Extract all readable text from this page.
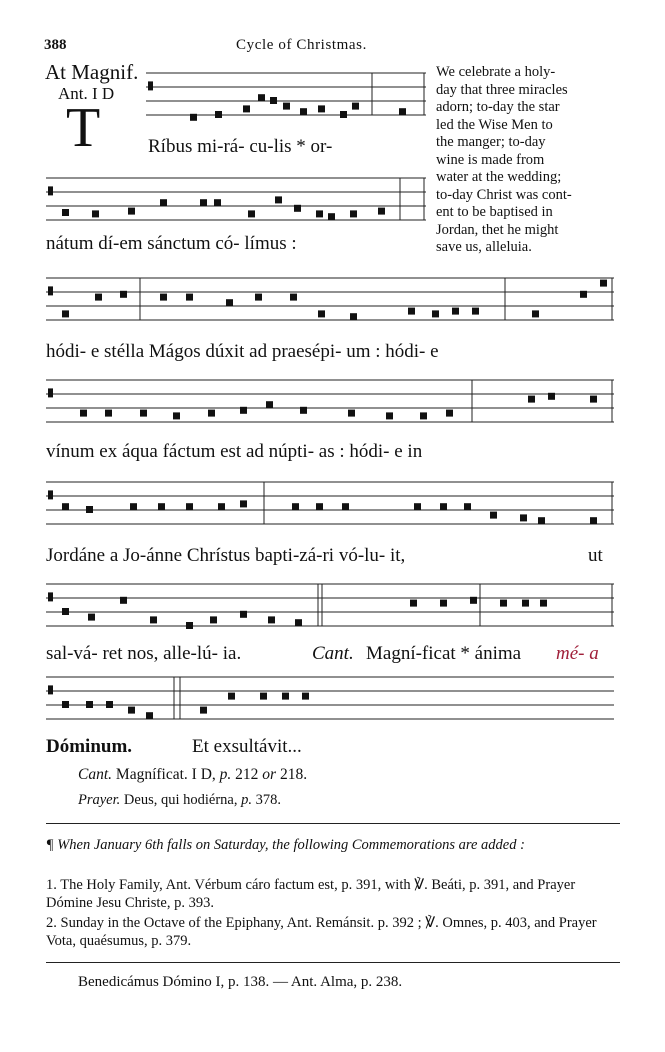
388	Cycle of Christmas.
At Magnif.
Ant. I D
T
We celebrate a holy-
day that three miracles
adorn; to-day the star
led the Wise Men to
the manger; to-day
wine is made from
water at the wedding;
to-day Christ was cont-
ent to be baptised in
Jordan, thet he might
save us, alleluia.
Ríbus mi-rá- cu-lis * or-
nátum dí-em sánctum có- límus :
hódi- e stélla Mágos dúxit ad praesépi- um : hódi- e
vínum ex áqua fáctum est ad núpti- as : hódi- e in
Jordáne a Jo-ánne Chrístus bapti-zá-ri vó-lu- it,	ut
sal-vá- ret nos, alle-lú- ia.	Cant. Magní-ficat * ánima mé- a
Dóminum.	Et exsultávit...
Cant. Magníficat. I D, p. 212 or 218.
Prayer. Deus, qui hodiérna, p. 378.
¶ When January 6th falls on Saturday, the following Commemorations are added :
1. The Holy Family, Ant. Vérbum cáro factum est, p. 391, with ℣. Beáti, p. 391, and Prayer Dómine Jesu Christe, p. 393.
2. Sunday in the Octave of the Epiphany, Ant. Remánsit. p. 392 ; ℣. Omnes, p. 403, and Prayer Vota, quaésumus, p. 379.
Benedicámus Dómino I, p. 138. — Ant. Alma, p. 238.
